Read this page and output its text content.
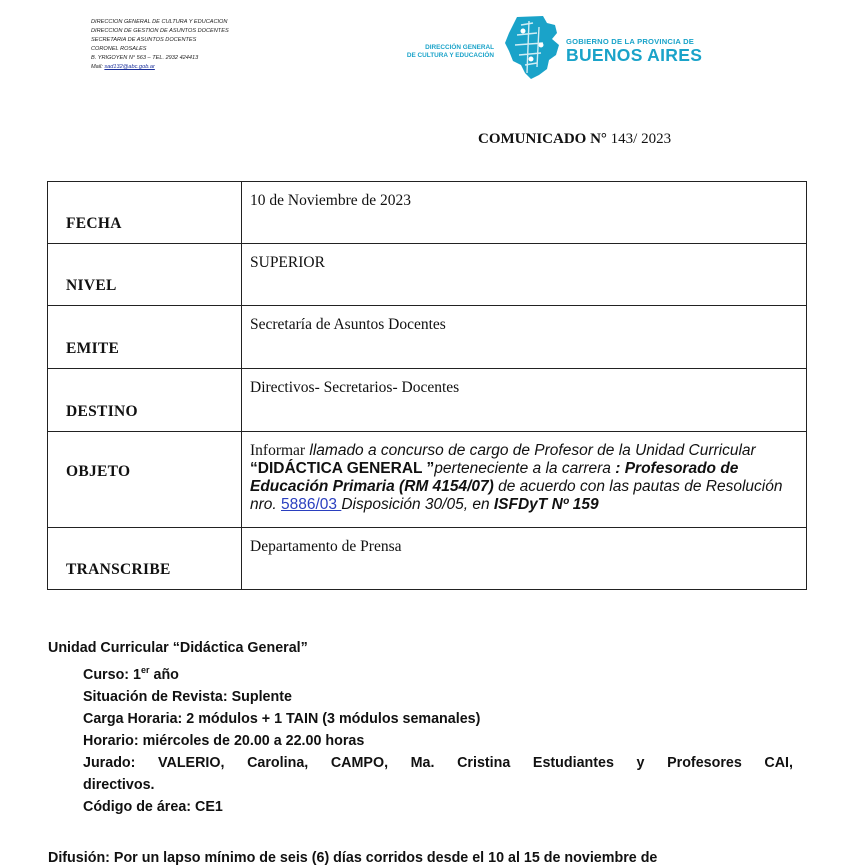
DIRECCION GENERAL DE CULTURA Y EDUCACION
DIRECCION DE GESTION DE ASUNTOS DOCENTES
SECRETARIA DE ASUNTOS DOCENTES
CORONEL ROSALES
B. YRIGOYEN N° 563 – TEL. 2932 424413
Mail: sad132@abc.gob.ar
DIRECCIÓN GENERAL
DE CULTURA Y EDUCACIÓN
GOBIERNO DE LA PROVINCIA DE
BUENOS AIRES
COMUNICADO N° 143/ 2023
FECHA	10 de Noviembre de 2023

NIVEL	SUPERIOR

EMITE	Secretaría de Asuntos Docentes

DESTINO	Directivos- Secretarios- Docentes

OBJETO	Informar llamado a concurso de cargo de Profesor de la Unidad Curricular “DIDÁCTICA GENERAL ”perteneciente a la carrera : Profesorado de Educación Primaria (RM 4154/07) de acuerdo con las pautas de Resolución nro. 5886/03 Disposición 30/05, en ISFDyT Nº 159

TRANSCRIBE	Departamento de Prensa
Unidad Curricular “Didáctica General”
Curso: 1er año
Situación de Revista: Suplente
Carga Horaria: 2 módulos + 1 TAIN (3 módulos semanales)
Horario: miércoles de 20.00 a 22.00 horas
Jurado: VALERIO, Carolina, CAMPO, Ma. Cristina Estudiantes y Profesores CAI,
directivos.
Código de área: CE1
Difusión: Por un lapso mínimo de seis (6) días corridos desde el 10 al 15 de noviembre de
